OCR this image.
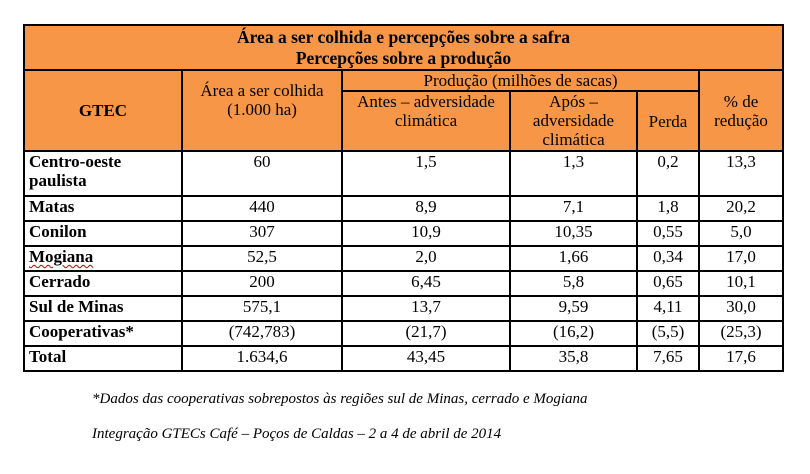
Área a ser colhida e percepções sobre a safra
Percepções sobre a produção					

GTEC	Área a ser colhida (1.000 ha)	Produção (milhões de sacas)			% de redução
		Antes – adversidade climática	Após – adversidade climática	Perda	
Centro-oeste paulista	60	1,5	1,3	0,2	13,3
Matas	440	8,9	7,1	1,8	20,2
Conilon	307	10,9	10,35	0,55	5,0
Mogiana	52,5	2,0	1,66	0,34	17,0
Cerrado	200	6,45	5,8	0,65	10,1
Sul de Minas	575,1	13,7	9,59	4,11	30,0
Cooperativas*	(742,783)	(21,7)	(16,2)	(5,5)	(25,3)
Total	1.634,6	43,45	35,8	7,65	17,6
*Dados das cooperativas sobrepostos às regiões sul de Minas, cerrado e Mogiana
Integração GTECs Café – Poços de Caldas – 2 a 4 de abril de 2014
